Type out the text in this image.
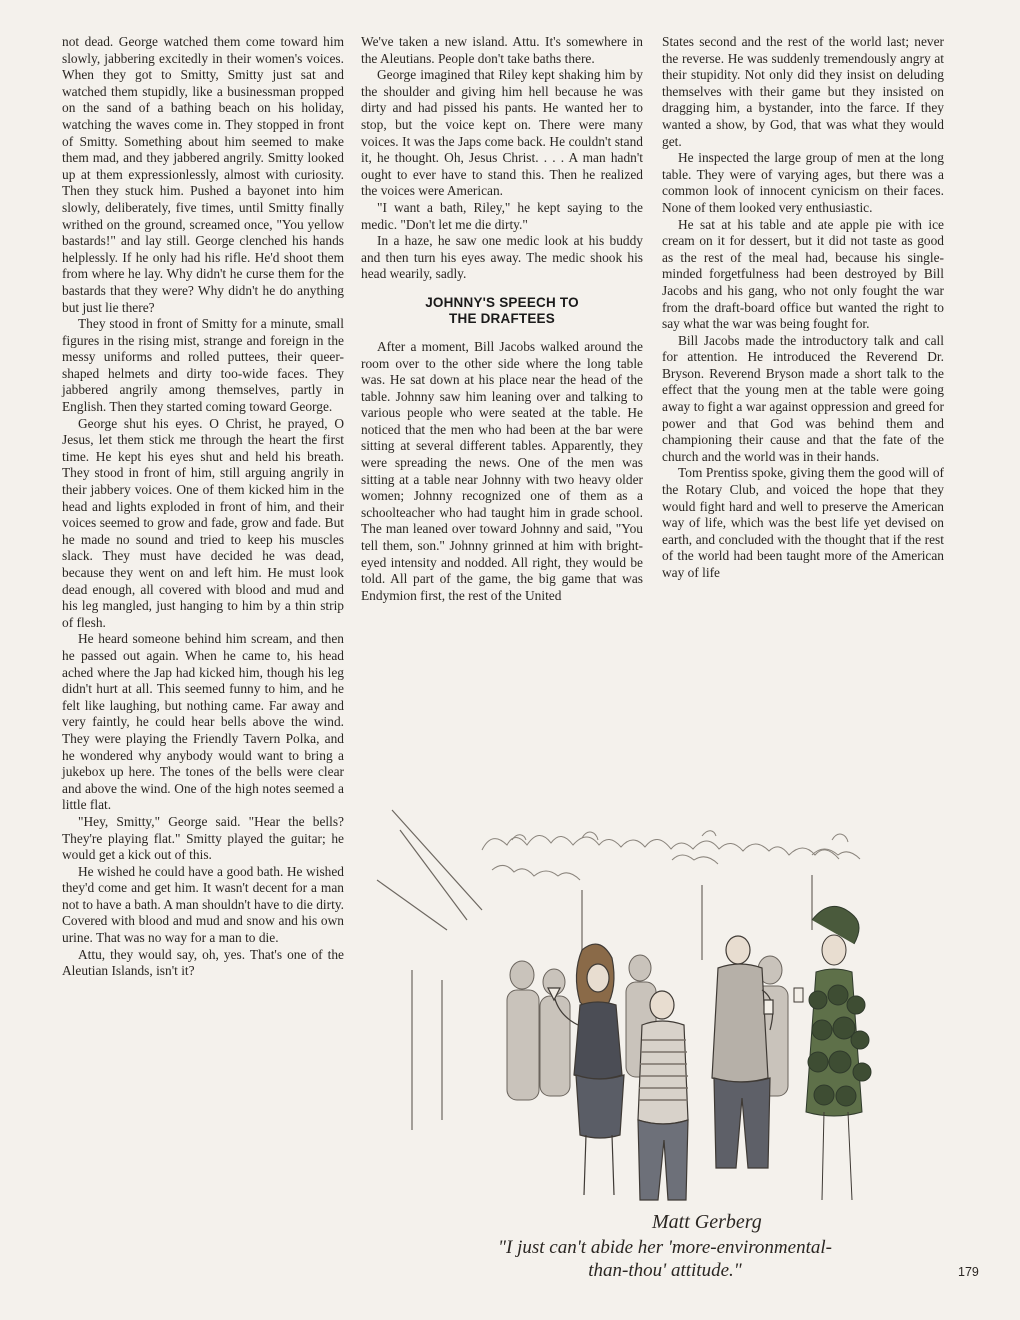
not dead. George watched them come toward him slowly, jabbering excitedly in their women's voices. When they got to Smitty, Smitty just sat and watched them stupidly, like a businessman propped on the sand of a bathing beach on his holiday, watching the waves come in. They stopped in front of Smitty. Something about him seemed to make them mad, and they jabbered angrily. Smitty looked up at them expressionlessly, almost with curiosity. Then they stuck him. Pushed a bayonet into him slowly, deliberately, five times, until Smitty finally writhed on the ground, screamed once, "You yellow bastards!" and lay still. George clenched his hands helplessly. If he only had his rifle. He'd shoot them from where he lay. Why didn't he curse them for the bastards that they were? Why didn't he do anything but just lie there?

They stood in front of Smitty for a minute, small figures in the rising mist, strange and foreign in the messy uniforms and rolled puttees, their queer-shaped helmets and dirty too-wide faces. They jabbered angrily among themselves, partly in English. Then they started coming toward George.

George shut his eyes. O Christ, he prayed, O Jesus, let them stick me through the heart the first time. He kept his eyes shut and held his breath. They stood in front of him, still arguing angrily in their jabbery voices. One of them kicked him in the head and lights exploded in front of him, and their voices seemed to grow and fade, grow and fade. But he made no sound and tried to keep his muscles slack. They must have decided he was dead, because they went on and left him. He must look dead enough, all covered with blood and mud and his leg mangled, just hanging to him by a thin strip of flesh.

He heard someone behind him scream, and then he passed out again. When he came to, his head ached where the Jap had kicked him, though his leg didn't hurt at all. This seemed funny to him, and he felt like laughing, but nothing came. Far away and very faintly, he could hear bells above the wind. They were playing the Friendly Tavern Polka, and he wondered why anybody would want to bring a jukebox up here. The tones of the bells were clear and above the wind. One of the high notes seemed a little flat.

"Hey, Smitty," George said. "Hear the bells? They're playing flat." Smitty played the guitar; he would get a kick out of this.

He wished he could have a good bath. He wished they'd come and get him. It wasn't decent for a man not to have a bath. A man shouldn't have to die dirty. Covered with blood and mud and snow and his own urine. That was no way for a man to die.

Attu, they would say, oh, yes. That's one of the Aleutian Islands, isn't it?

We've taken a new island. Attu. It's somewhere in the Aleutians. People don't take baths there.

George imagined that Riley kept shaking him by the shoulder and giving him hell because he was dirty and had pissed his pants. He wanted her to stop, but the voice kept on. There were many voices. It was the Japs come back. He couldn't stand it, he thought. Oh, Jesus Christ. . . . A man hadn't ought to ever have to stand this. Then he realized the voices were American.

"I want a bath, Riley," he kept saying to the medic. "Don't let me die dirty."

In a haze, he saw one medic look at his buddy and then turn his eyes away. The medic shook his head wearily, sadly.

JOHNNY'S SPEECH TO
THE DRAFTEES

After a moment, Bill Jacobs walked around the room over to the other side where the long table was. He sat down at his place near the head of the table. Johnny saw him leaning over and talking to various people who were seated at the table. He noticed that the men who had been at the bar were sitting at several different tables. Apparently, they were spreading the news. One of the men was sitting at a table near Johnny with two heavy older women; Johnny recognized one of them as a schoolteacher who had taught him in grade school. The man leaned over toward Johnny and said, "You tell them, son." Johnny grinned at him with bright-eyed intensity and nodded. All right, they would be told. All part of the game, the big game that was Endymion first, the rest of the United

States second and the rest of the world last; never the reverse. He was suddenly tremendously angry at their stupidity. Not only did they insist on deluding themselves with their game but they insisted on dragging him, a bystander, into the farce. If they wanted a show, by God, that was what they would get.

He inspected the large group of men at the long table. They were of varying ages, but there was a common look of innocent cynicism on their faces. None of them looked very enthusiastic.

He sat at his table and ate apple pie with ice cream on it for dessert, but it did not taste as good as the rest of the meal had, because his single-minded forgetfulness had been destroyed by Bill Jacobs and his gang, who not only fought the war from the draft-board office but wanted the right to say what the war was being fought for.

Bill Jacobs made the introductory talk and call for attention. He introduced the Reverend Dr. Bryson. Reverend Bryson made a short talk to the effect that the young men at the table were going away to fight a war against oppression and greed for power and that God was behind them and championing their cause and that the fate of the church and the world was in their hands.

Tom Prentiss spoke, giving them the good will of the Rotary Club, and voiced the hope that they would fight hard and well to preserve the American way of life, which was the best life yet devised on earth, and concluded with the thought that if the rest of the world had been taught more of the American way of life

Matt Gerberg
"I just can't abide her 'more-environmental-
than-thou' attitude."	179
